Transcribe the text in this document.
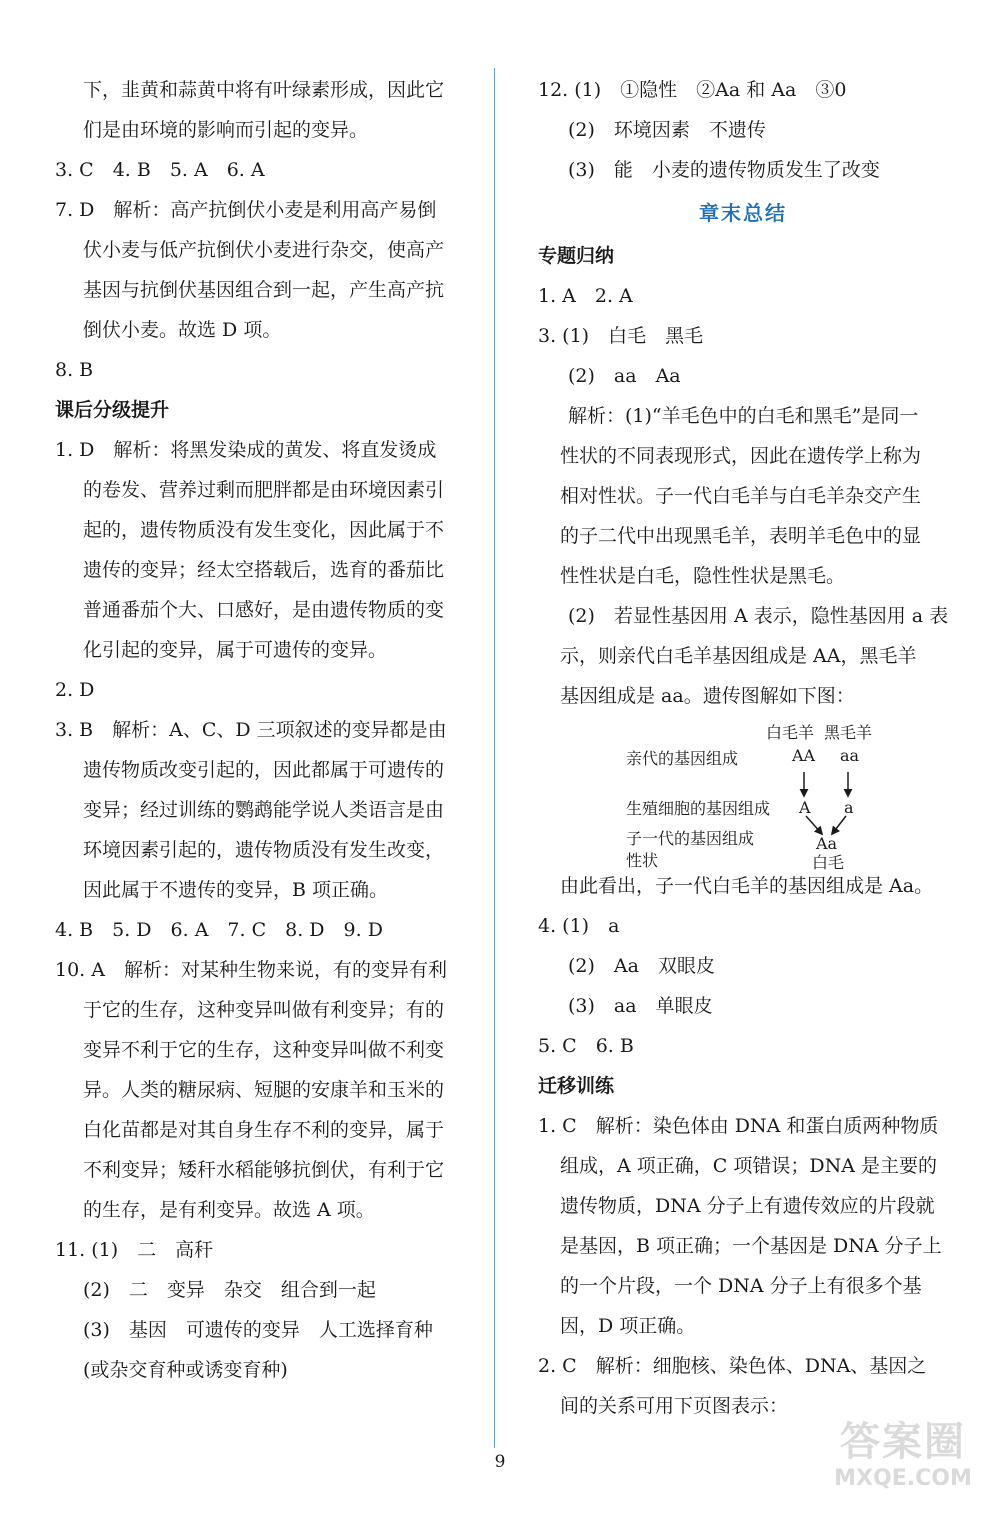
下，韭黄和蒜黄中将有叶绿素形成，因此它
们是由环境的影响而引起的变异。
3. C　4. B　5. A　6. A
7. D　解析：高产抗倒伏小麦是利用高产易倒
伏小麦与低产抗倒伏小麦进行杂交，使高产
基因与抗倒伏基因组合到一起，产生高产抗
倒伏小麦。故选 D 项。
8. B
课后分级提升
1. D　解析：将黑发染成的黄发、将直发烫成
的卷发、营养过剩而肥胖都是由环境因素引
起的，遗传物质没有发生变化，因此属于不
遗传的变异；经太空搭载后，选育的番茄比
普通番茄个大、口感好，是由遗传物质的变
化引起的变异，属于可遗传的变异。
2. D
3. B　解析：A、C、D 三项叙述的变异都是由
遗传物质改变引起的，因此都属于可遗传的
变异；经过训练的鹦鹉能学说人类语言是由
环境因素引起的，遗传物质没有发生改变，
因此属于不遗传的变异，B 项正确。
4. B　5. D　6. A　7. C　8. D　9. D
10. A　解析：对某种生物来说，有的变异有利
于它的生存，这种变异叫做有利变异；有的
变异不利于它的生存，这种变异叫做不利变
异。人类的糖尿病、短腿的安康羊和玉米的
白化苗都是对其自身生存不利的变异，属于
不利变异；矮秆水稻能够抗倒伏，有利于它
的生存，是有利变异。故选 A 项。
11. (1)　二　高秆
(2)　二　变异　杂交　组合到一起
(3)　基因　可遗传的变异　人工选择育种
(或杂交育种或诱变育种)
12. (1)　①隐性　②Aa 和 Aa　③0
(2)　环境因素　不遗传
(3)　能　小麦的遗传物质发生了改变
章末总结
专题归纳
1. A　2. A
3. (1)　白毛　黑毛
(2)　aa　Aa
解析：(1)“羊毛色中的白毛和黑毛”是同一
性状的不同表现形式，因此在遗传学上称为
相对性状。子一代白毛羊与白毛羊杂交产生
的子二代中出现黑毛羊，表明羊毛色中的显
性性状是白毛，隐性性状是黑毛。
(2)　若显性基因用 A 表示，隐性基因用 a 表
示，则亲代白毛羊基因组成是 AA，黑毛羊
基因组成是 aa。遗传图解如下图：
白毛羊 黑毛羊
亲代的基因组成	AA aa
生殖细胞的基因组成 A a
子一代的基因组成	Aa
性状	白毛
由此看出，子一代白毛羊的基因组成是 Aa。
4. (1)　a
(2)　Aa　双眼皮
(3)　aa　单眼皮
5. C　6. B
迁移训练
1. C　解析：染色体由 DNA 和蛋白质两种物质
组成，A 项正确，C 项错误；DNA 是主要的
遗传物质，DNA 分子上有遗传效应的片段就
是基因，B 项正确；一个基因是 DNA 分子上
的一个片段，一个 DNA 分子上有很多个基
因，D 项正确。
2. C　解析：细胞核、染色体、DNA、基因之
间的关系可用下页图表示：
9	答案圈
MXQE.COM
